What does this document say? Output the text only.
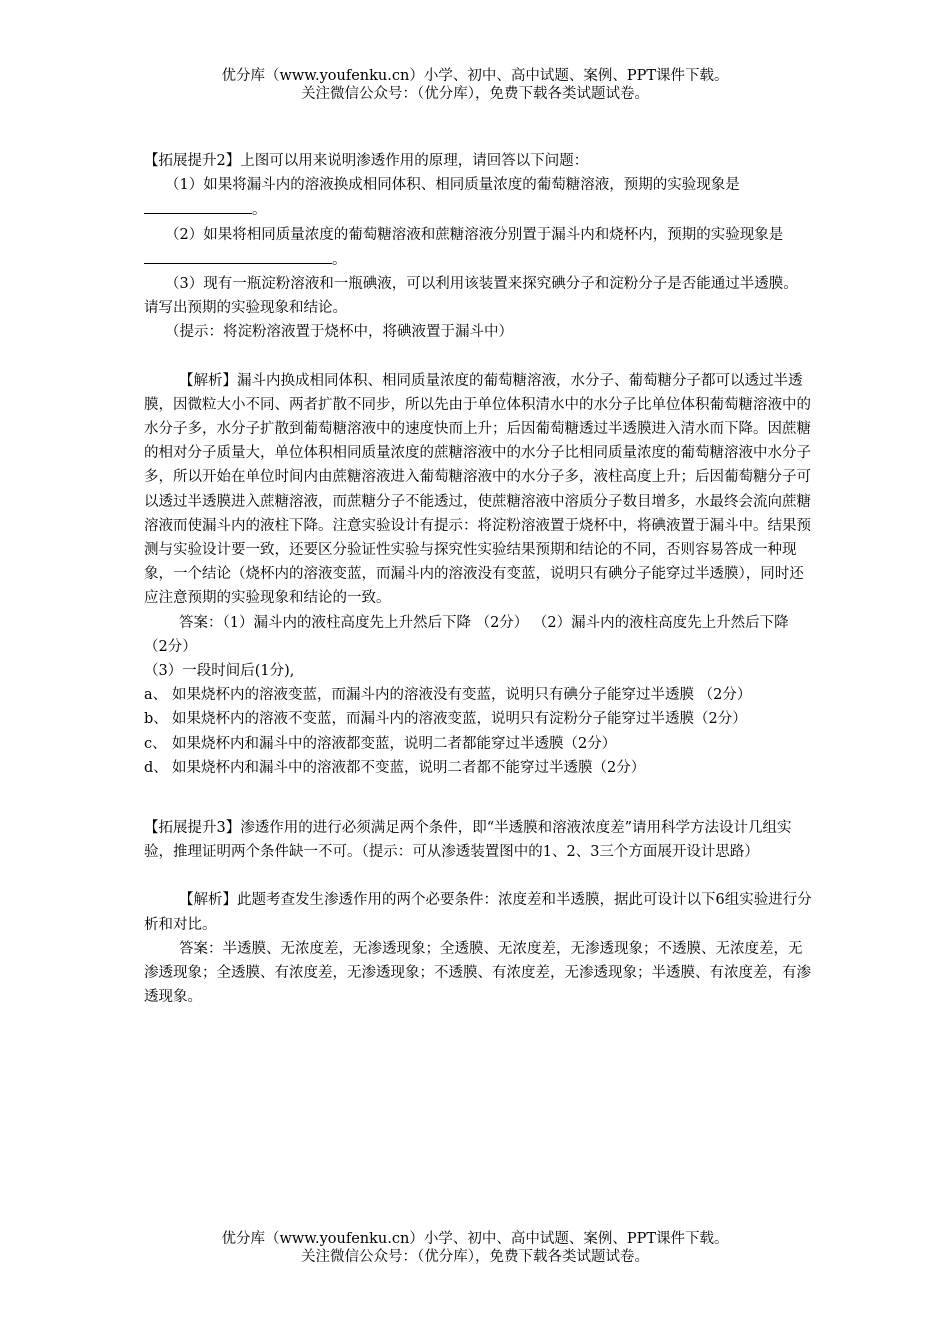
优分库（www.youfenku.cn）小学、初中、高中试题、案例、PPT课件下载。
关注微信公众号：（优分库），免费下载各类试题试卷。

【拓展提升2】上图可以用来说明渗透作用的原理，请回答以下问题：

（1）如果将漏斗内的溶液换成相同体积、相同质量浓度的葡萄糖溶液，预期的实验现象是。

（2）如果将相同质量浓度的葡萄糖溶液和蔗糖溶液分别置于漏斗内和烧杯内，预期的实验现象是。

（3）现有一瓶淀粉溶液和一瓶碘液，可以利用该装置来探究碘分子和淀粉分子是否能通过半透膜。请写出预期的实验现象和结论。

（提示：将淀粉溶液置于烧杯中，将碘液置于漏斗中）

【解析】漏斗内换成相同体积、相同质量浓度的葡萄糖溶液，水分子、葡萄糖分子都可以透过半透膜，因微粒大小不同、两者扩散不同步，所以先由于单位体积清水中的水分子比单位体积葡萄糖溶液中的水分子多，水分子扩散到葡萄糖溶液中的速度快而上升；后因葡萄糖透过半透膜进入清水而下降。因蔗糖的相对分子质量大，单位体积相同质量浓度的蔗糖溶液中的水分子比相同质量浓度的葡萄糖溶液中水分子多，所以开始在单位时间内由蔗糖溶液进入葡萄糖溶液中的水分子多，液柱高度上升；后因葡萄糖分子可以透过半透膜进入蔗糖溶液，而蔗糖分子不能透过，使蔗糖溶液中溶质分子数目增多，水最终会流向蔗糖溶液而使漏斗内的液柱下降。注意实验设计有提示：将淀粉溶液置于烧杯中，将碘液置于漏斗中。结果预测与实验设计要一致，还要区分验证性实验与探究性实验结果预期和结论的不同，否则容易答成一种现象，一个结论（烧杯内的溶液变蓝，而漏斗内的溶液没有变蓝，说明只有碘分子能穿过半透膜），同时还应注意预期的实验现象和结论的一致。

答案：（1）漏斗内的液柱高度先上升然后下降 （2分） （2）漏斗内的液柱高度先上升然后下降（2分）

（3）一段时间后(1分),

a、 如果烧杯内的溶液变蓝，而漏斗内的溶液没有变蓝，说明只有碘分子能穿过半透膜 （2分）
b、 如果烧杯内的溶液不变蓝，而漏斗内的溶液变蓝，说明只有淀粉分子能穿过半透膜（2分）
c、 如果烧杯内和漏斗中的溶液都变蓝，说明二者都能穿过半透膜（2分）
d、 如果烧杯内和漏斗中的溶液都不变蓝，说明二者都不能穿过半透膜（2分）

【拓展提升3】渗透作用的进行必须满足两个条件，即“半透膜和溶液浓度差”请用科学方法设计几组实验，推理证明两个条件缺一不可。（提示：可从渗透装置图中的1、2、3三个方面展开设计思路）

【解析】此题考查发生渗透作用的两个必要条件：浓度差和半透膜，据此可设计以下6组实验进行分析和对比。

答案：半透膜、无浓度差，无渗透现象；全透膜、无浓度差，无渗透现象；不透膜、无浓度差，无渗透现象；全透膜、有浓度差，无渗透现象；不透膜、有浓度差，无渗透现象；半透膜、有浓度差，有渗透现象。

优分库（www.youfenku.cn）小学、初中、高中试题、案例、PPT课件下载。
关注微信公众号：（优分库），免费下载各类试题试卷。
